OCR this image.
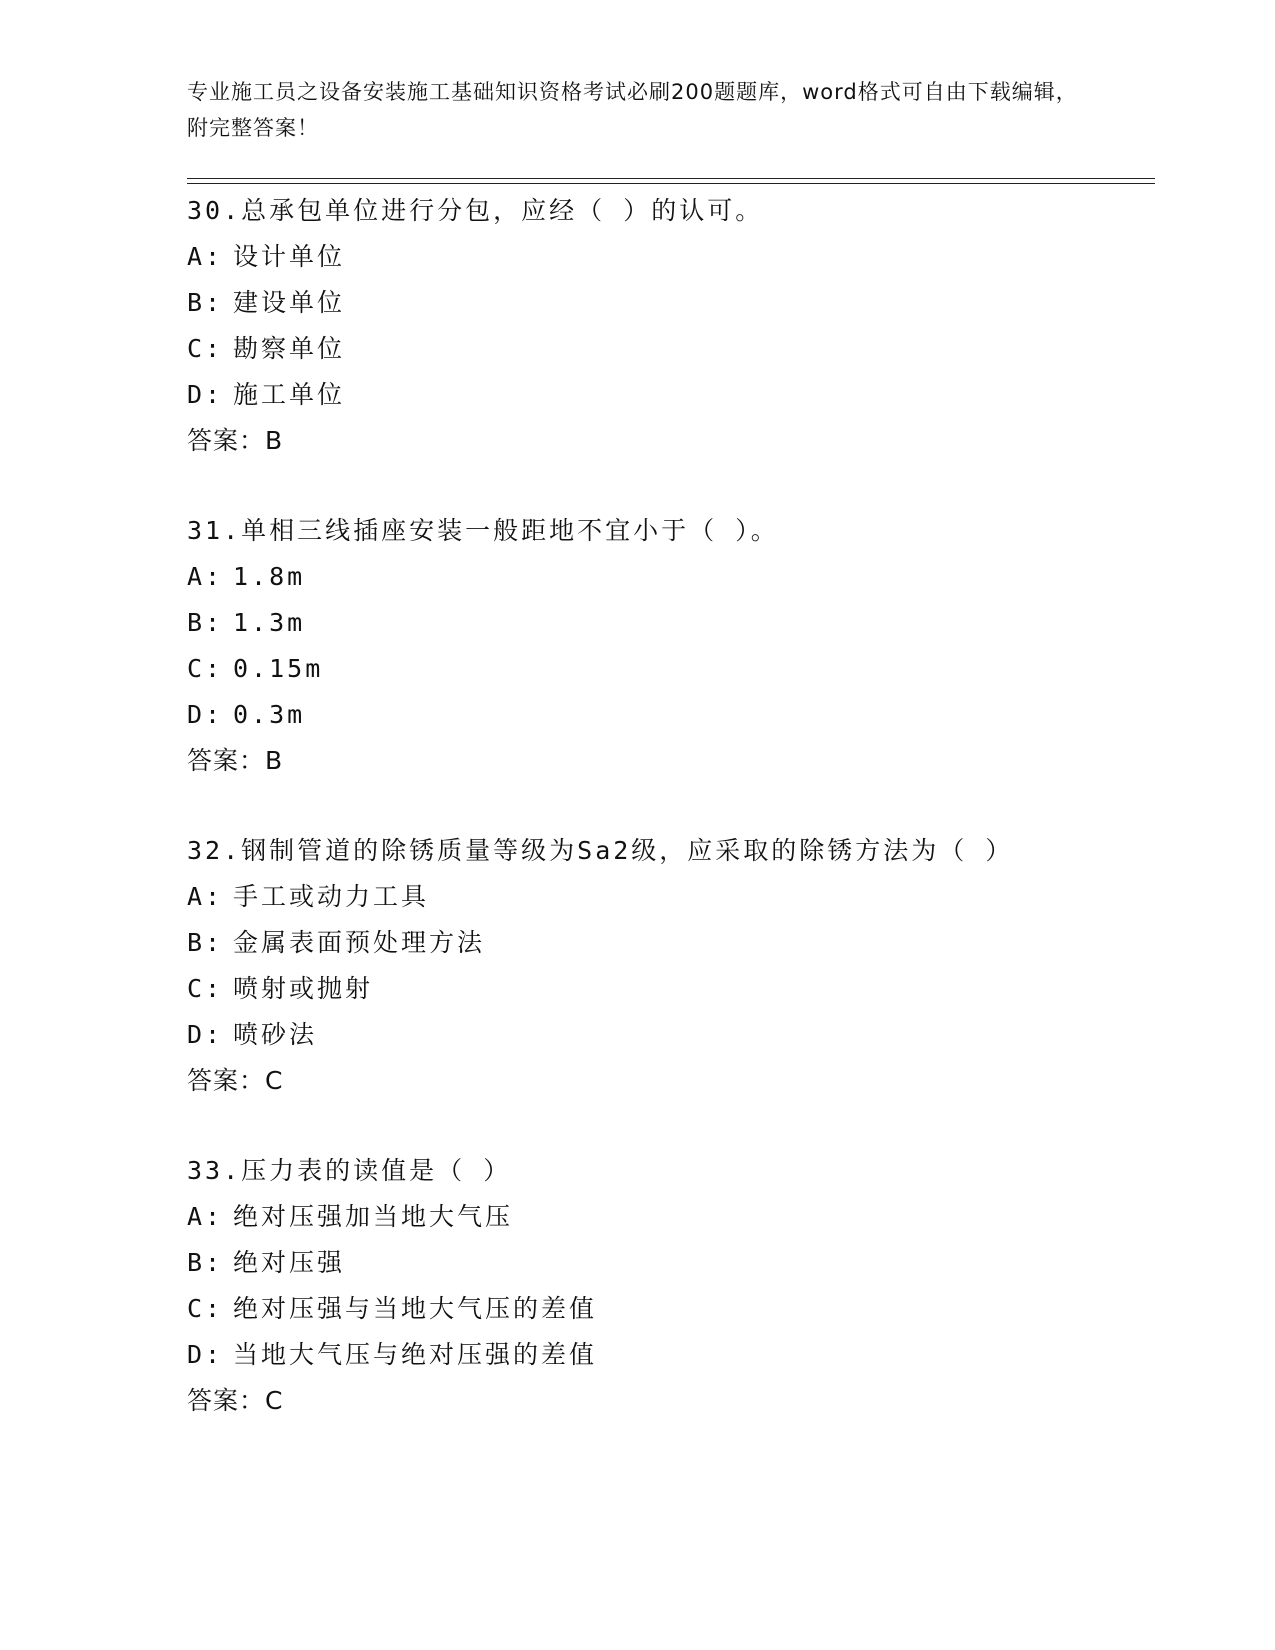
专业施工员之设备安装施工基础知识资格考试必刷200题题库，word格式可自由下载编辑，附完整答案！
30.总承包单位进行分包，应经（ ）的认可。
A: 设计单位
B: 建设单位
C: 勘察单位
D: 施工单位
答案：B
31.单相三线插座安装一般距地不宜小于（ ）。
A: 1.8m
B: 1.3m
C: 0.15m
D: 0.3m
答案：B
32.钢制管道的除锈质量等级为Sa2级，应采取的除锈方法为（ ）
A: 手工或动力工具
B: 金属表面预处理方法
C: 喷射或抛射
D: 喷砂法
答案：C
33.压力表的读值是（ ）
A: 绝对压强加当地大气压
B: 绝对压强
C: 绝对压强与当地大气压的差值
D: 当地大气压与绝对压强的差值
答案：C
